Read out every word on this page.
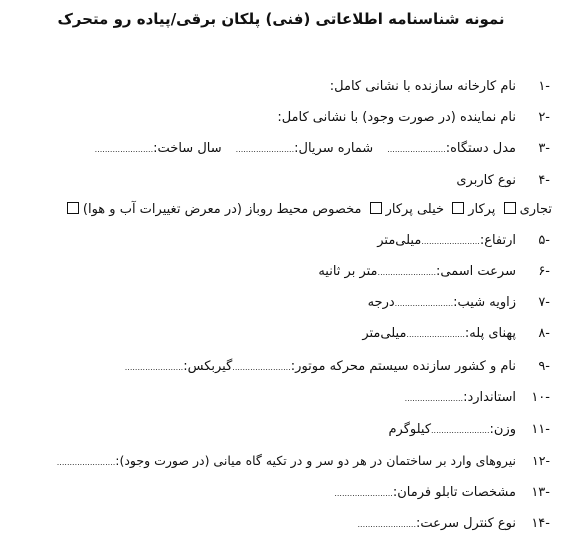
نمونه شناسنامه اطلاعاتی (فنی) پلکان برقی/پیاده رو متحرک
-۱نام کارخانه سازنده با نشانی کامل:
-۲نام نماینده (در صورت وجود) با نشانی کامل:
-۳مدل دستگاه:.......................شماره سریال:.......................سال ساخت:.......................
-۴نوع کاربری
تجاری پرکار خیلی پرکار مخصوص محیط روباز (در معرض تغییرات آب و هوا)
-۵ارتفاع:.......................میلی‌متر
-۶سرعت اسمی:.......................متر بر ثانیه
-۷زاویه شیب:.......................درجه
-۸پهنای پله:.......................میلی‌متر
-۹نام و کشور سازنده سیستم محرکه موتور:.......................گیربکس:.......................
-۱۰استاندارد:.......................
-۱۱وزن:.......................کیلوگرم
-۱۲نیروهای وارد بر ساختمان در هر دو سر و در تکیه گاه میانی (در صورت وجود):.......................
-۱۳مشخصات تابلو فرمان:.......................
-۱۴نوع کنترل سرعت:.......................
